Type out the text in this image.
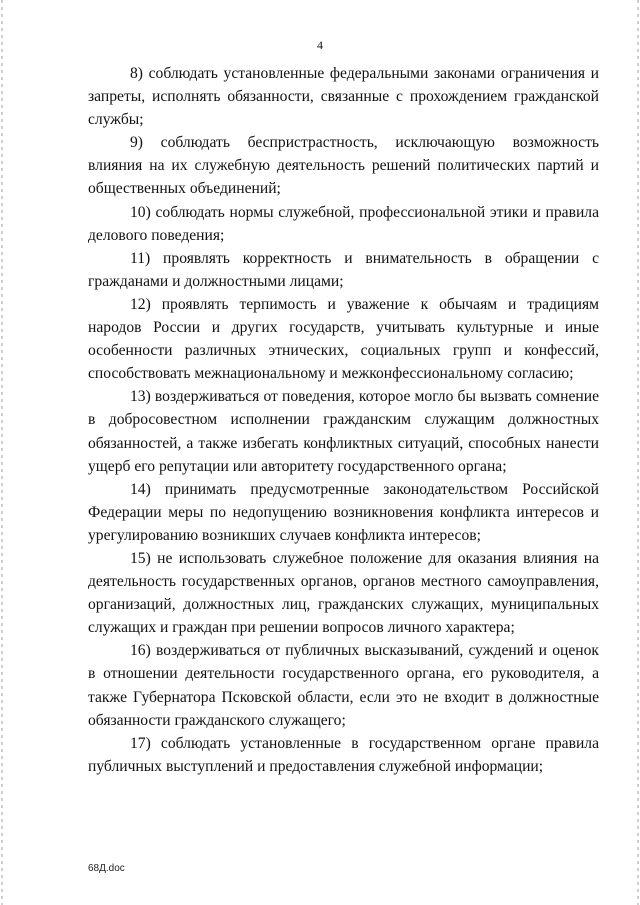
4

8) соблюдать установленные федеральными законами ограничения и запреты, исполнять обязанности, связанные с прохождением гражданской службы;

9) соблюдать беспристрастность, исключающую возможность влияния на их служебную деятельность решений политических партий и общественных объединений;

10) соблюдать нормы служебной, профессиональной этики и правила делового поведения;

11) проявлять корректность и внимательность в обращении с гражданами и должностными лицами;

12) проявлять терпимость и уважение к обычаям и традициям народов России и других государств, учитывать культурные и иные особенности различных этнических, социальных групп и конфессий, способствовать межнациональному и межконфессиональному согласию;

13) воздерживаться от поведения, которое могло бы вызвать сомнение в добросовестном исполнении гражданским служащим должностных обязанностей, а также избегать конфликтных ситуаций, способных нанести ущерб его репутации или авторитету государственного органа;

14) принимать предусмотренные законодательством Российской Федерации меры по недопущению возникновения конфликта интересов и урегулированию возникших случаев конфликта интересов;

15) не использовать служебное положение для оказания влияния на деятельность государственных органов, органов местного самоуправления, организаций, должностных лиц, гражданских служащих, муниципальных служащих и граждан при решении вопросов личного характера;

16) воздерживаться от публичных высказываний, суждений и оценок в отношении деятельности государственного органа, его руководителя, а также Губернатора Псковской области, если это не входит в должностные обязанности гражданского служащего;

17) соблюдать установленные в государственном органе правила публичных выступлений и предоставления служебной информации;

68Д.doc
